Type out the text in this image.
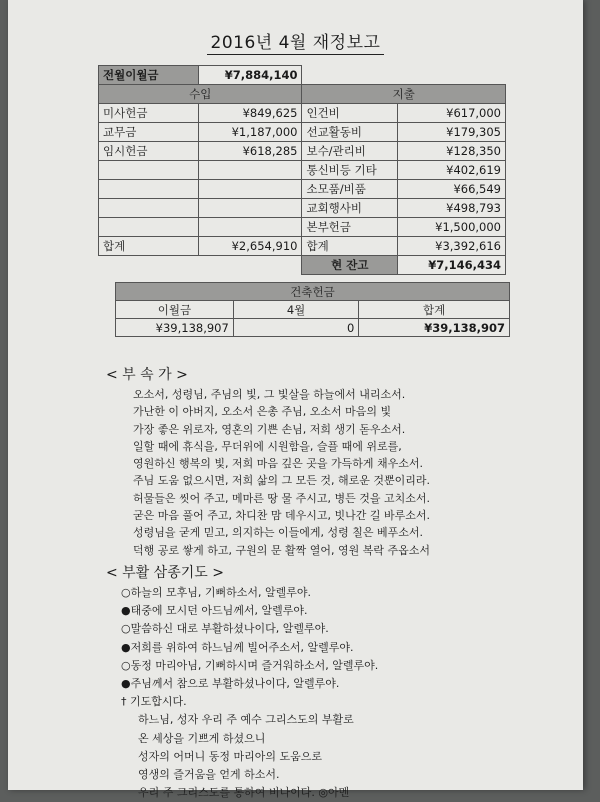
2016년 4월 재정보고
전월이월금	¥7,884,140		
수입		지출	
미사헌금	¥849,625	인건비	¥617,000
교무금	¥1,187,000	선교활동비	¥179,305
임시헌금	¥618,285	보수/관리비	¥128,350
		통신비등 기타	¥402,619
		소모품/비품	¥66,549
		교회행사비	¥498,793
		본부헌금	¥1,500,000
합계	¥2,654,910	합계	¥3,392,616
		현 잔고	¥7,146,434
건축헌금		
이월금	4월	합계
¥39,138,907	0	¥39,138,907
< 부 속 가 >
오소서, 성령님, 주님의 빛, 그 빛살을 하늘에서 내리소서.
가난한 이 아버지, 오소서 은총 주님, 오소서 마음의 빛
가장 좋은 위로자, 영혼의 기쁜 손님, 저희 생기 돋우소서.
일할 때에 휴식을, 무더위에 시원함을, 슬플 때에 위로를,
영원하신 행복의 빛, 저희 마음 깊은 곳을 가득하게 채우소서.
주님 도움 없으시면, 저희 삶의 그 모든 것, 해로운 것뿐이리라.
허물들은 씻어 주고, 메마른 땅 물 주시고, 병든 것을 고치소서.
굳은 마음 풀어 주고, 차디찬 맘 데우시고, 빗나간 길 바루소서.
성령님을 굳게 믿고, 의지하는 이들에게, 성령 칠은 베푸소서.
덕행 공로 쌓게 하고, 구원의 문 활짝 열어, 영원 복락 주옵소서
< 부활 삼종기도 >
○하늘의 모후님, 기뻐하소서, 알렐루야.
●태중에 모시던 아드님께서, 알렐루야.
○말씀하신 대로 부활하셨나이다, 알렐루야.
●저희를 위하여 하느님께 빌어주소서, 알렐루야.
○동정 마리아님, 기뻐하시며 즐거워하소서, 알렐루야.
●주님께서 참으로 부활하셨나이다, 알렐루야.
† 기도합시다.
하느님, 성자 우리 주 예수 그리스도의 부활로
온 세상을 기쁘게 하셨으니
성자의 어머니 동정 마리아의 도움으로
영생의 즐거움을 얻게 하소서.
우리 주 그리스도를 통하여 비나이다. ◎아멘
